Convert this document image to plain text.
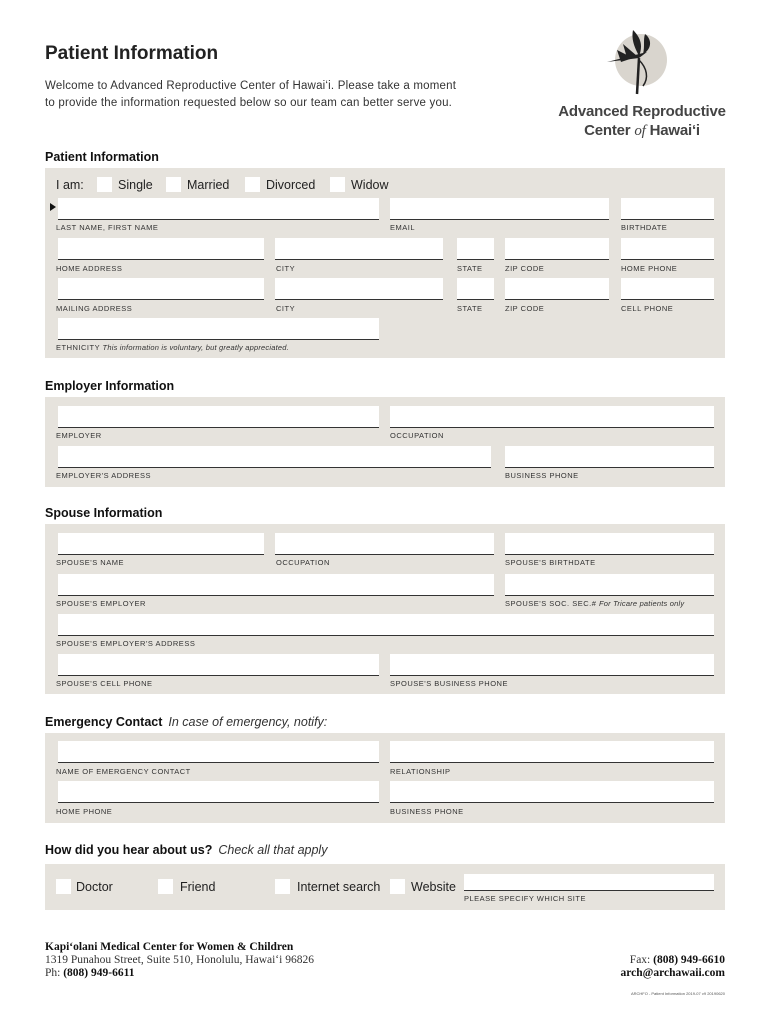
Patient Information
Welcome to Advanced Reproductive Center of Hawai‘i. Please take a moment
to provide the information requested below so our team can better serve you.	Advanced Reproductive
Center of Hawai‘i
Patient Information
I am:	Single	Married	Divorced	Widow
LAST NAME, FIRST NAME	EMAIL	BIRTHDATE
HOME ADDRESS	CITY	STATE	ZIP CODE	HOME PHONE
MAILING ADDRESS	CITY	STATE	ZIP CODE	CELL PHONE
ETHNICITY This information is voluntary, but greatly appreciated.
Employer Information
EMPLOYER	OCCUPATION
EMPLOYER'S ADDRESS	BUSINESS PHONE
Spouse Information
SPOUSE'S NAME	OCCUPATION	SPOUSE'S BIRTHDATE
SPOUSE'S EMPLOYER	SPOUSE'S SOC. SEC.# For Tricare patients only
SPOUSE'S EMPLOYER'S ADDRESS
SPOUSE'S CELL PHONE	SPOUSE'S BUSINESS PHONE
Emergency Contact In case of emergency, notify:
NAME OF EMERGENCY CONTACT	RELATIONSHIP
HOME PHONE	BUSINESS PHONE
How did you hear about us? Check all that apply
Doctor	Friend	Internet search Website
PLEASE SPECIFY WHICH SITE
Kapi‘olani Medical Center for Women & Children
1319 Punahou Street, Suite 510, Honolulu, Hawai‘i 96826
Ph: (808) 949-6611
Fax: (808) 949-6610
arch@archawaii.com
ARCHFO - Patient Information 2019-07 v9 20190620
